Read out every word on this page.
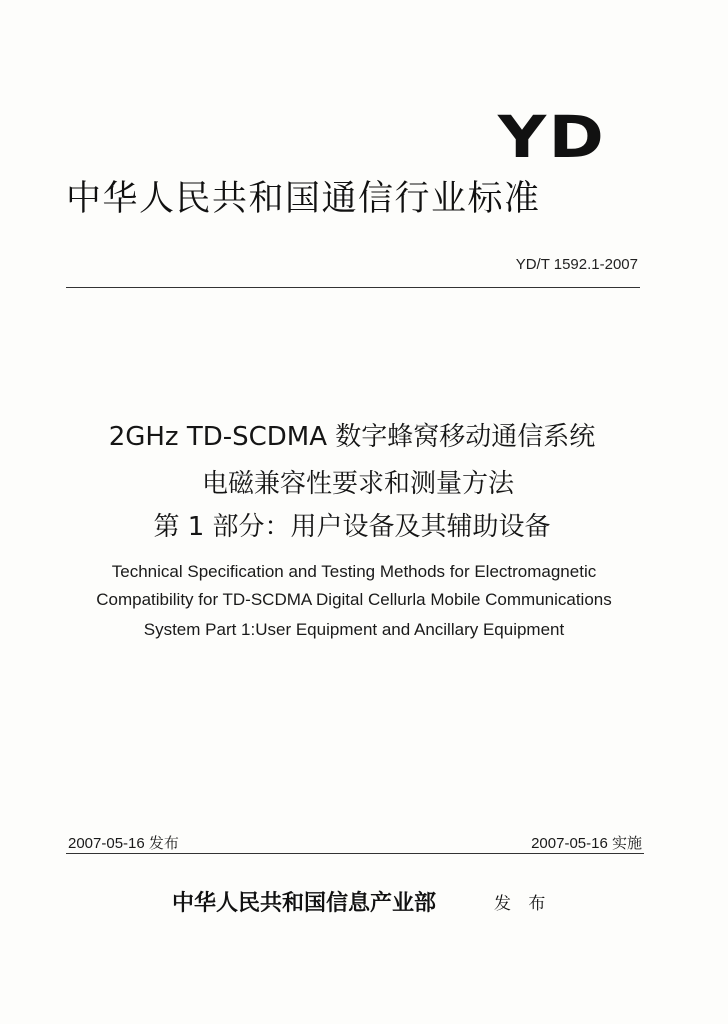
YD
中华人民共和国通信行业标准
YD/T 1592.1-2007
2GHz TD-SCDMA 数字蜂窝移动通信系统
电磁兼容性要求和测量方法
第 1 部分：用户设备及其辅助设备
Technical Specification and Testing Methods for Electromagnetic
Compatibility for TD-SCDMA Digital Cellurla Mobile Communications
System Part 1:User Equipment and Ancillary Equipment
2007-05-16 发布	2007-05-16 实施
中华人民共和国信息产业部	发 布
